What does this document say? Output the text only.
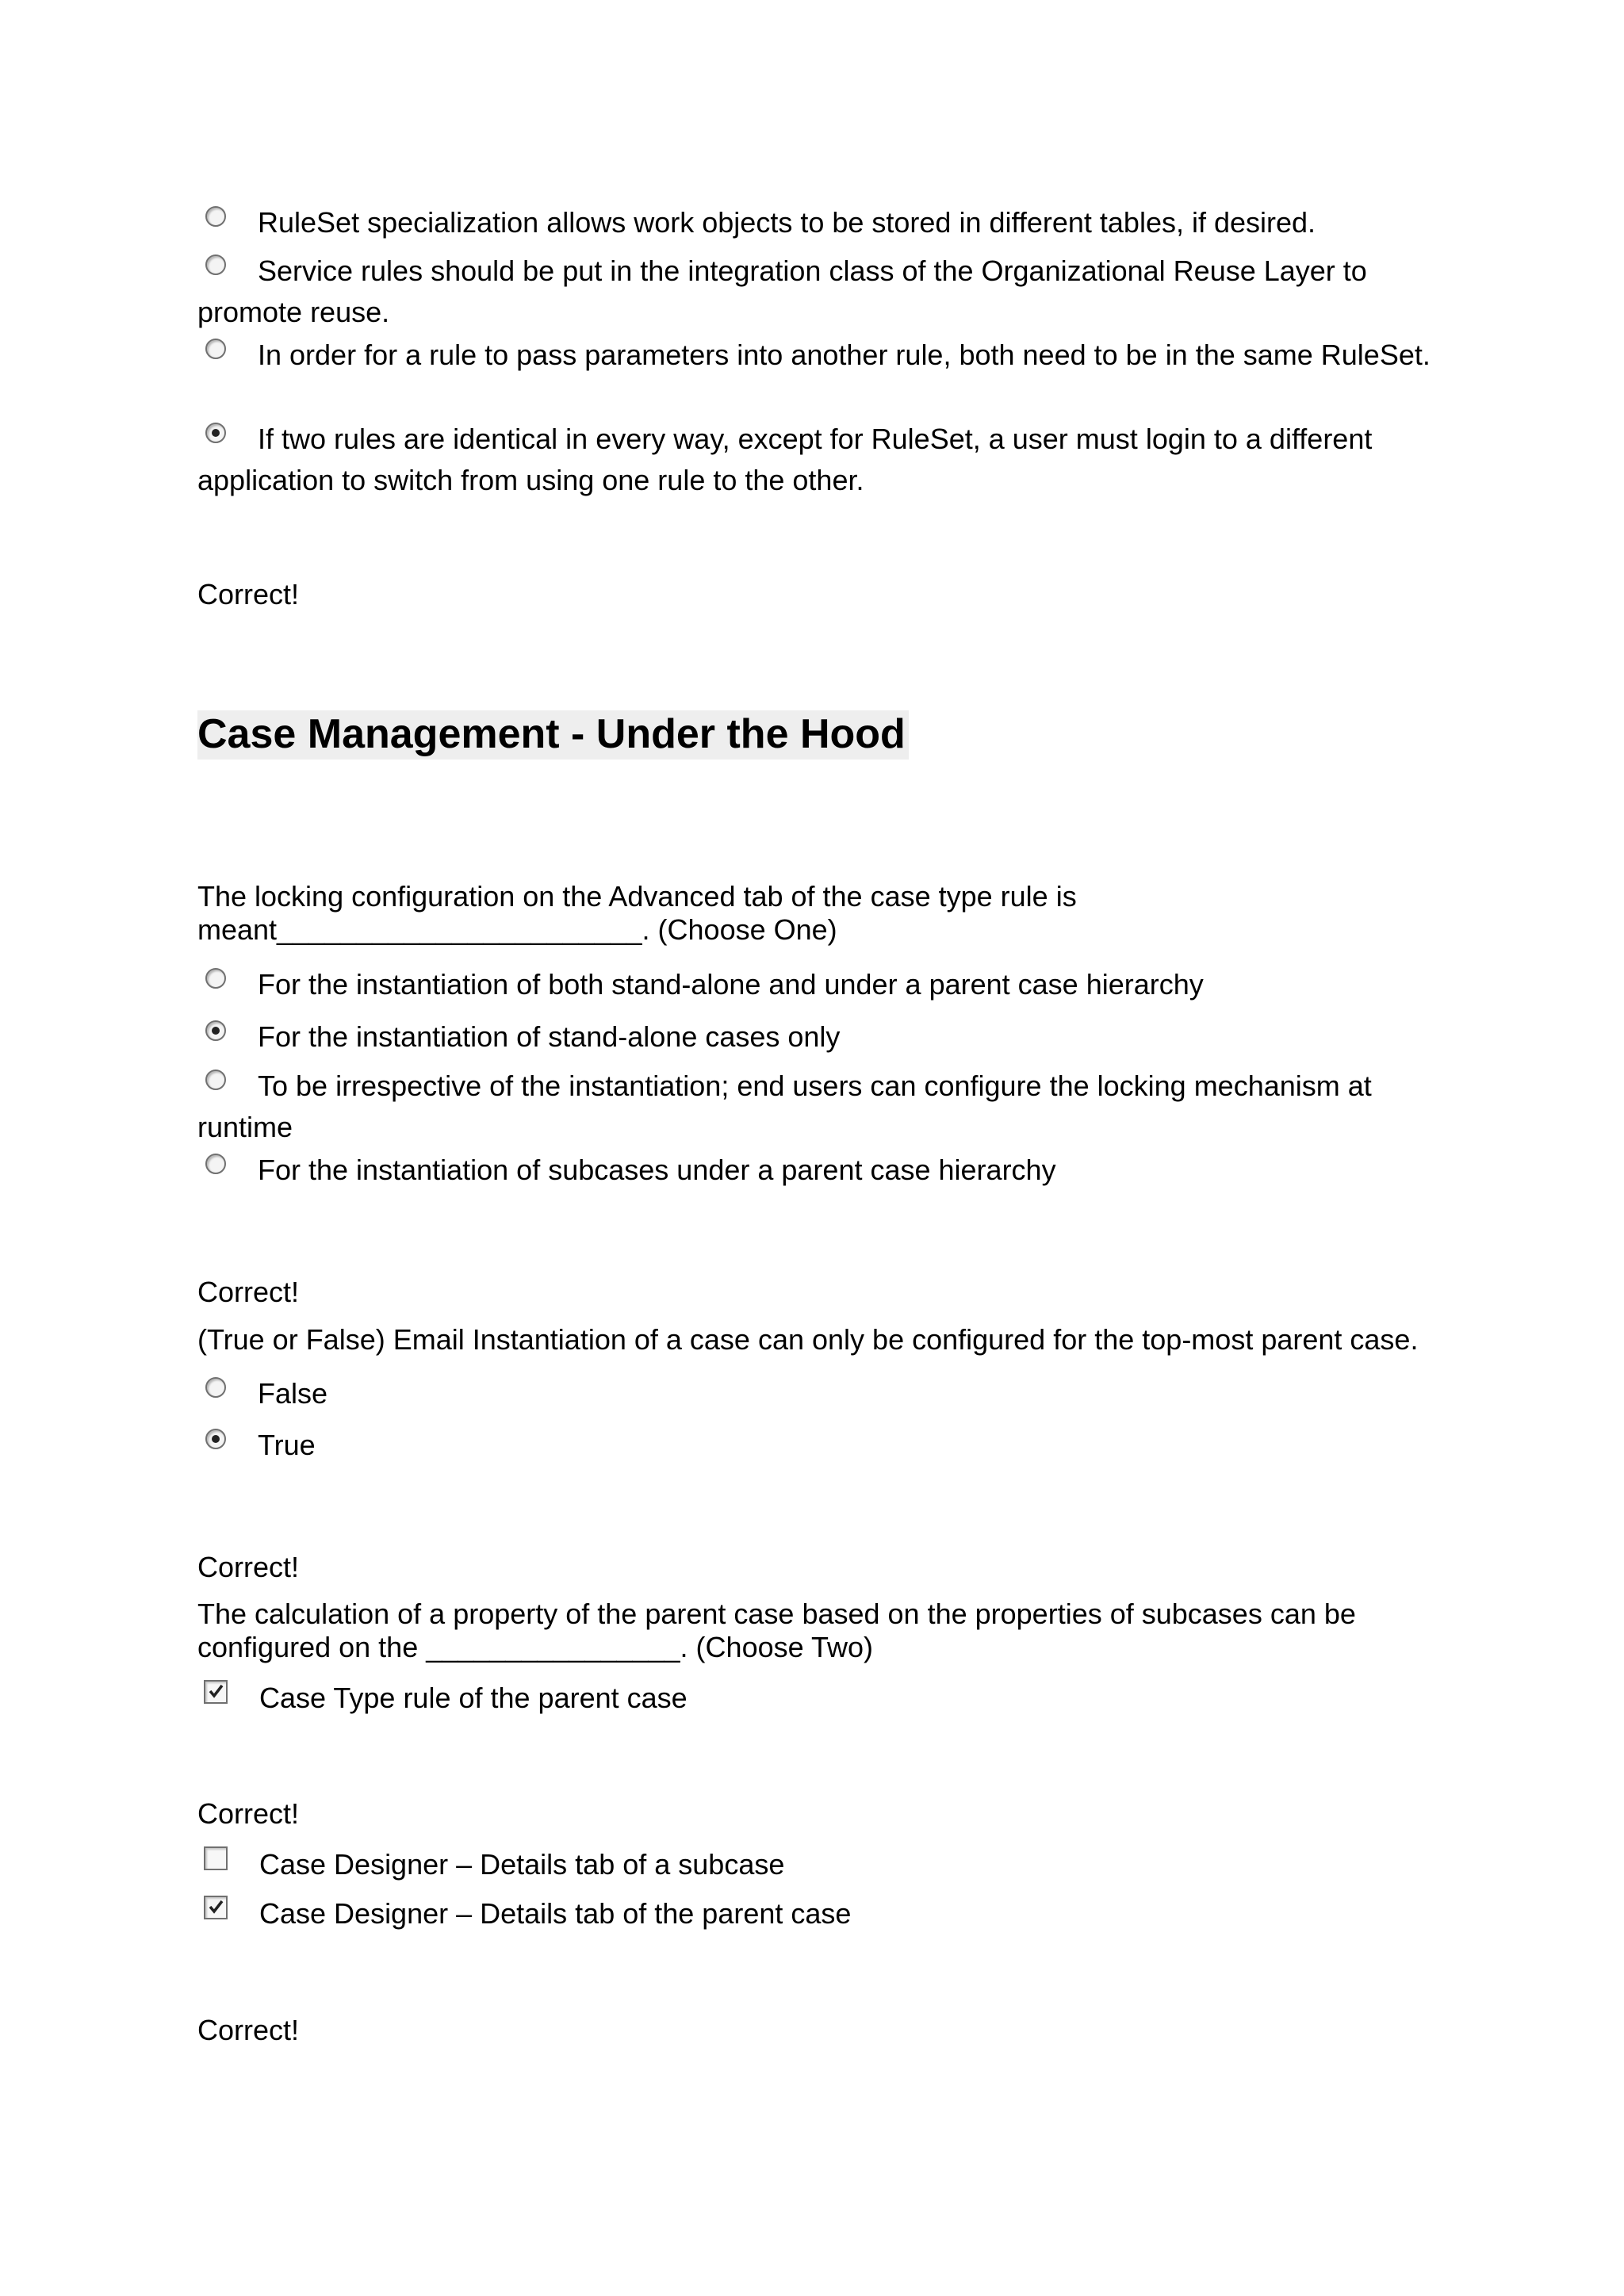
RuleSet specialization allows work objects to be stored in different tables, if desired.
Service rules should be put in the integration class of the Organizational Reuse Layer to promote reuse.
In order for a rule to pass parameters into another rule, both need to be in the same RuleSet.
If two rules are identical in every way, except for RuleSet, a user must login to a different application to switch from using one rule to the other.
Correct!
Case Management - Under the Hood
The locking configuration on the Advanced tab of the case type rule is meant_______________________. (Choose One)
For the instantiation of both stand-alone and under a parent case hierarchy
For the instantiation of stand-alone cases only
To be irrespective of the instantiation; end users can configure the locking mechanism at runtime
For the instantiation of subcases under a parent case hierarchy
Correct!
(True or False) Email Instantiation of a case can only be configured for the top-most parent case.
False
True
Correct!
The calculation of a property of the parent case based on the properties of subcases can be configured on the ________________. (Choose Two)
Case Type rule of the parent case
Correct!
Case Designer – Details tab of a subcase
Case Designer – Details tab of the parent case
Correct!
